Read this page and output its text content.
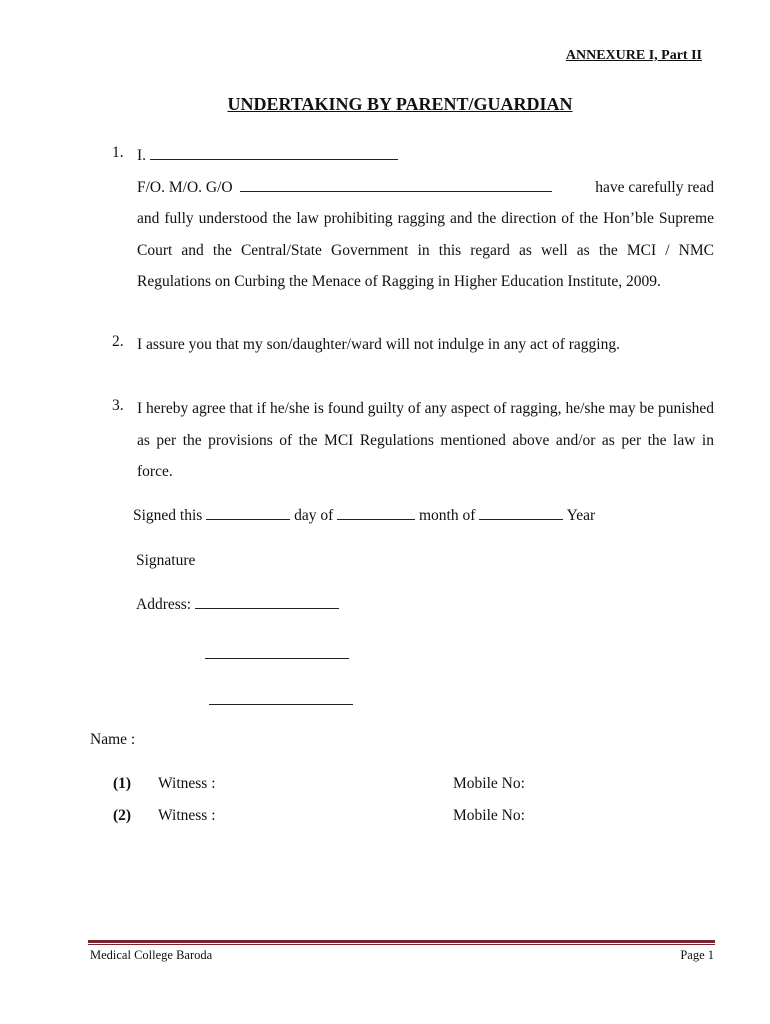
ANNEXURE I, Part II
UNDERTAKING BY PARENT/GUARDIAN
1. I.
F/O. M/O. G/O	have carefully read
and fully understood the law prohibiting ragging and the direction of the Hon’ble Supreme Court and the Central/State Government in this regard as well as the MCI / NMC Regulations on Curbing the Menace of Ragging in Higher Education Institute, 2009.
2. I assure you that my son/daughter/ward will not indulge in any act of ragging.
3. I hereby agree that if he/she is found guilty of any aspect of ragging, he/she may be punished as per the provisions of the MCI Regulations mentioned above and/or as per the law in force.
Signed this	day of	month of	Year
Signature
Address:
Name :
(1) Witness :	Mobile No:
(2) Witness :	Mobile No:
Medical College Baroda	Page 1
